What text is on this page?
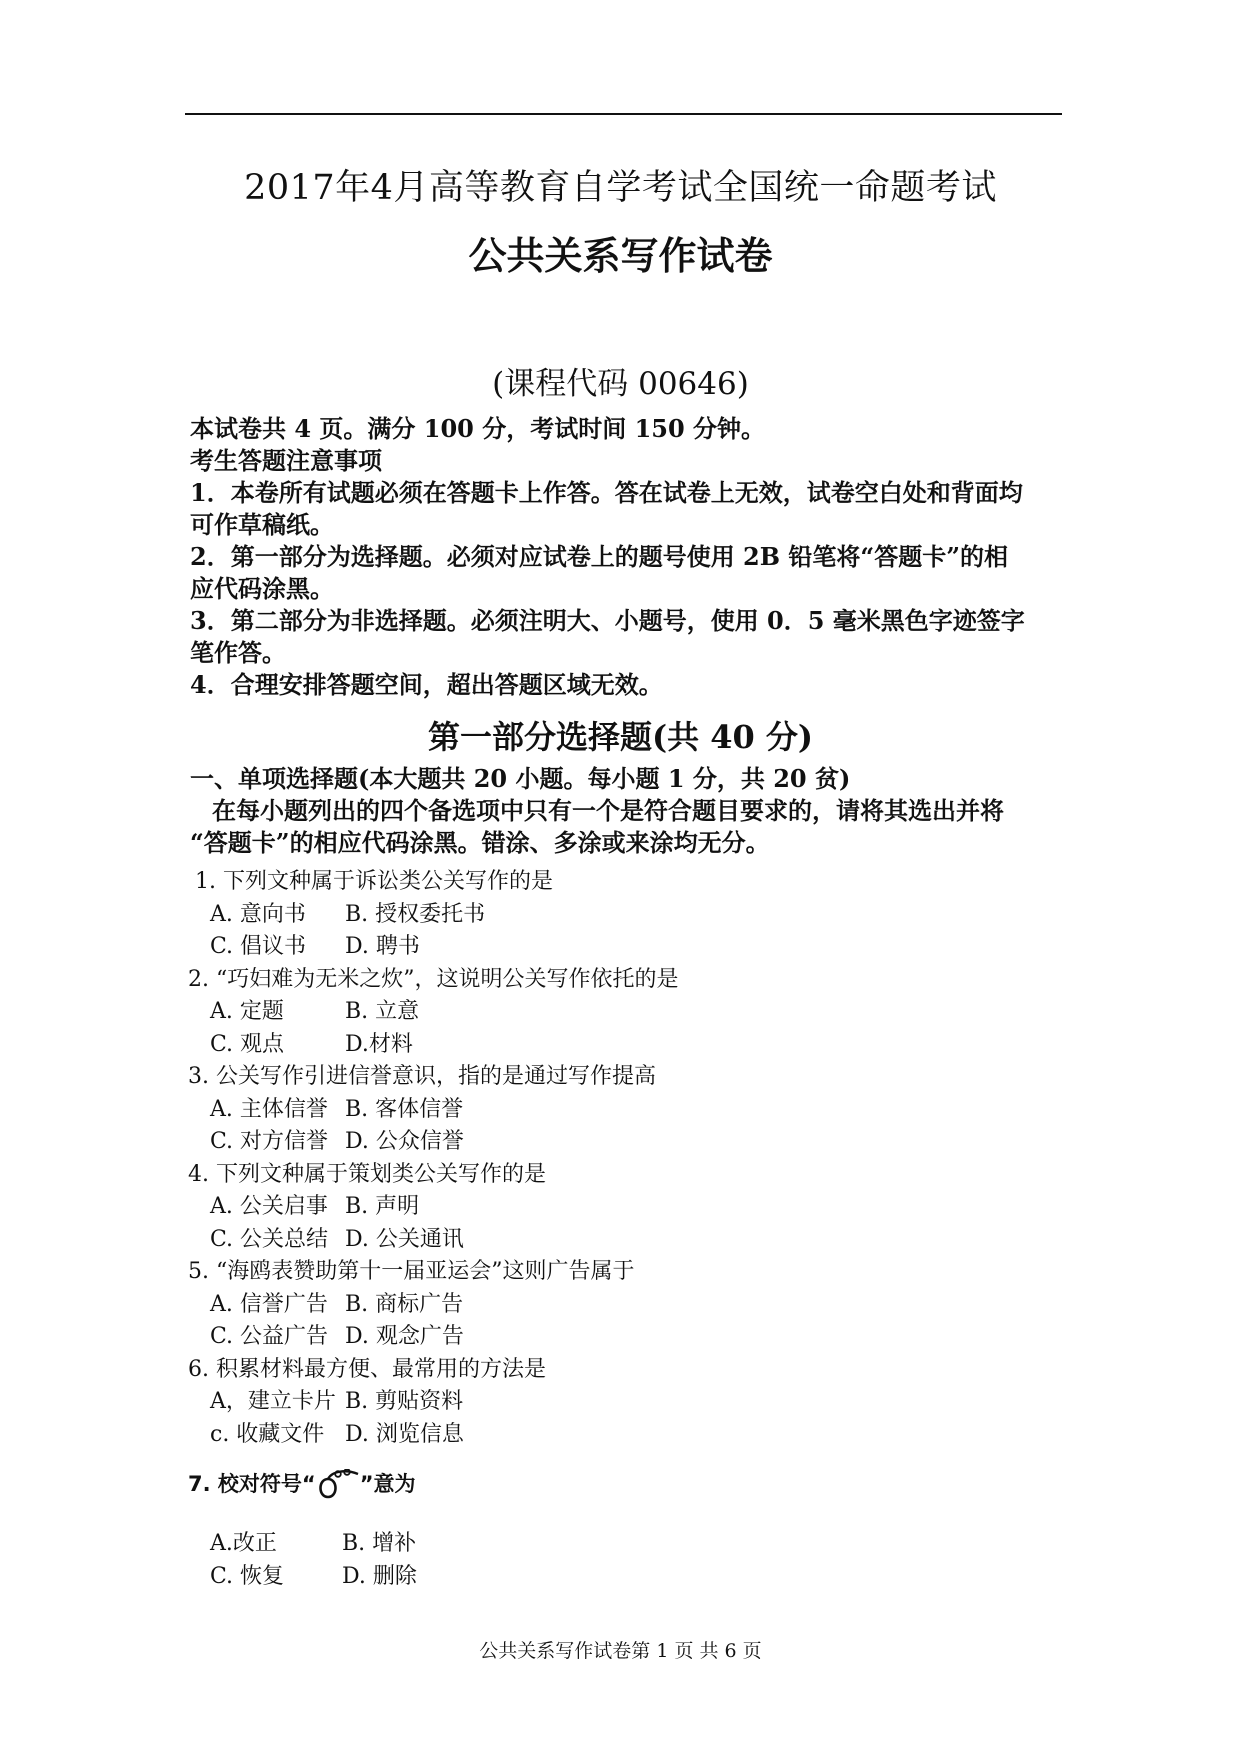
2017年4月高等教育自学考试全国统一命题考试
公共关系写作试卷
(课程代码 00646)
本试卷共 4 页。满分 100 分，考试时间 150 分钟。
考生答题注意事项
1．本卷所有试题必须在答题卡上作答。答在试卷上无效，试卷空白处和背面均
可作草稿纸。
2．第一部分为选择题。必须对应试卷上的题号使用 2B 铅笔将“答题卡”的相
应代码涂黑。
3．第二部分为非选择题。必须注明大、小题号，使用 0．5 毫米黑色字迹签字
笔作答。
4．合理安排答题空间，超出答题区域无效。
第一部分选择题(共 40 分)
一、单项选择题(本大题共 20 小题。每小题 1 分，共 20 贫)
在每小题列出的四个备选项中只有一个是符合题目要求的，请将其选出并将
“答题卡”的相应代码涂黑。错涂、多涂或来涂均无分。
1. 下列文种属于诉讼类公关写作的是
A. 意向书 B. 授权委托书
C. 倡议书 D. 聘书
2. “巧妇难为无米之炊”，这说明公关写作依托的是
A. 定题	B. 立意
C. 观点	D.材料
3. 公关写作引进信誉意识，指的是通过写作提高
A. 主体信誉 B. 客体信誉
C. 对方信誉 D. 公众信誉
4. 下列文种属于策划类公关写作的是
A. 公关启事 B. 声明
C. 公关总结 D. 公关通讯
5. “海鸥表赞助第十一届亚运会”这则广告属于
A. 信誉广告 B. 商标广告
C. 公益广告 D. 观念广告
6. 积累材料最方便、最常用的方法是
A，建立卡片 B. 剪贴资料
c. 收藏文件 D. 浏览信息
7. 校对符号“ ”意为
A.改正	B. 增补
C. 恢复	D. 删除
公共关系写作试卷第 1 页 共 6 页
